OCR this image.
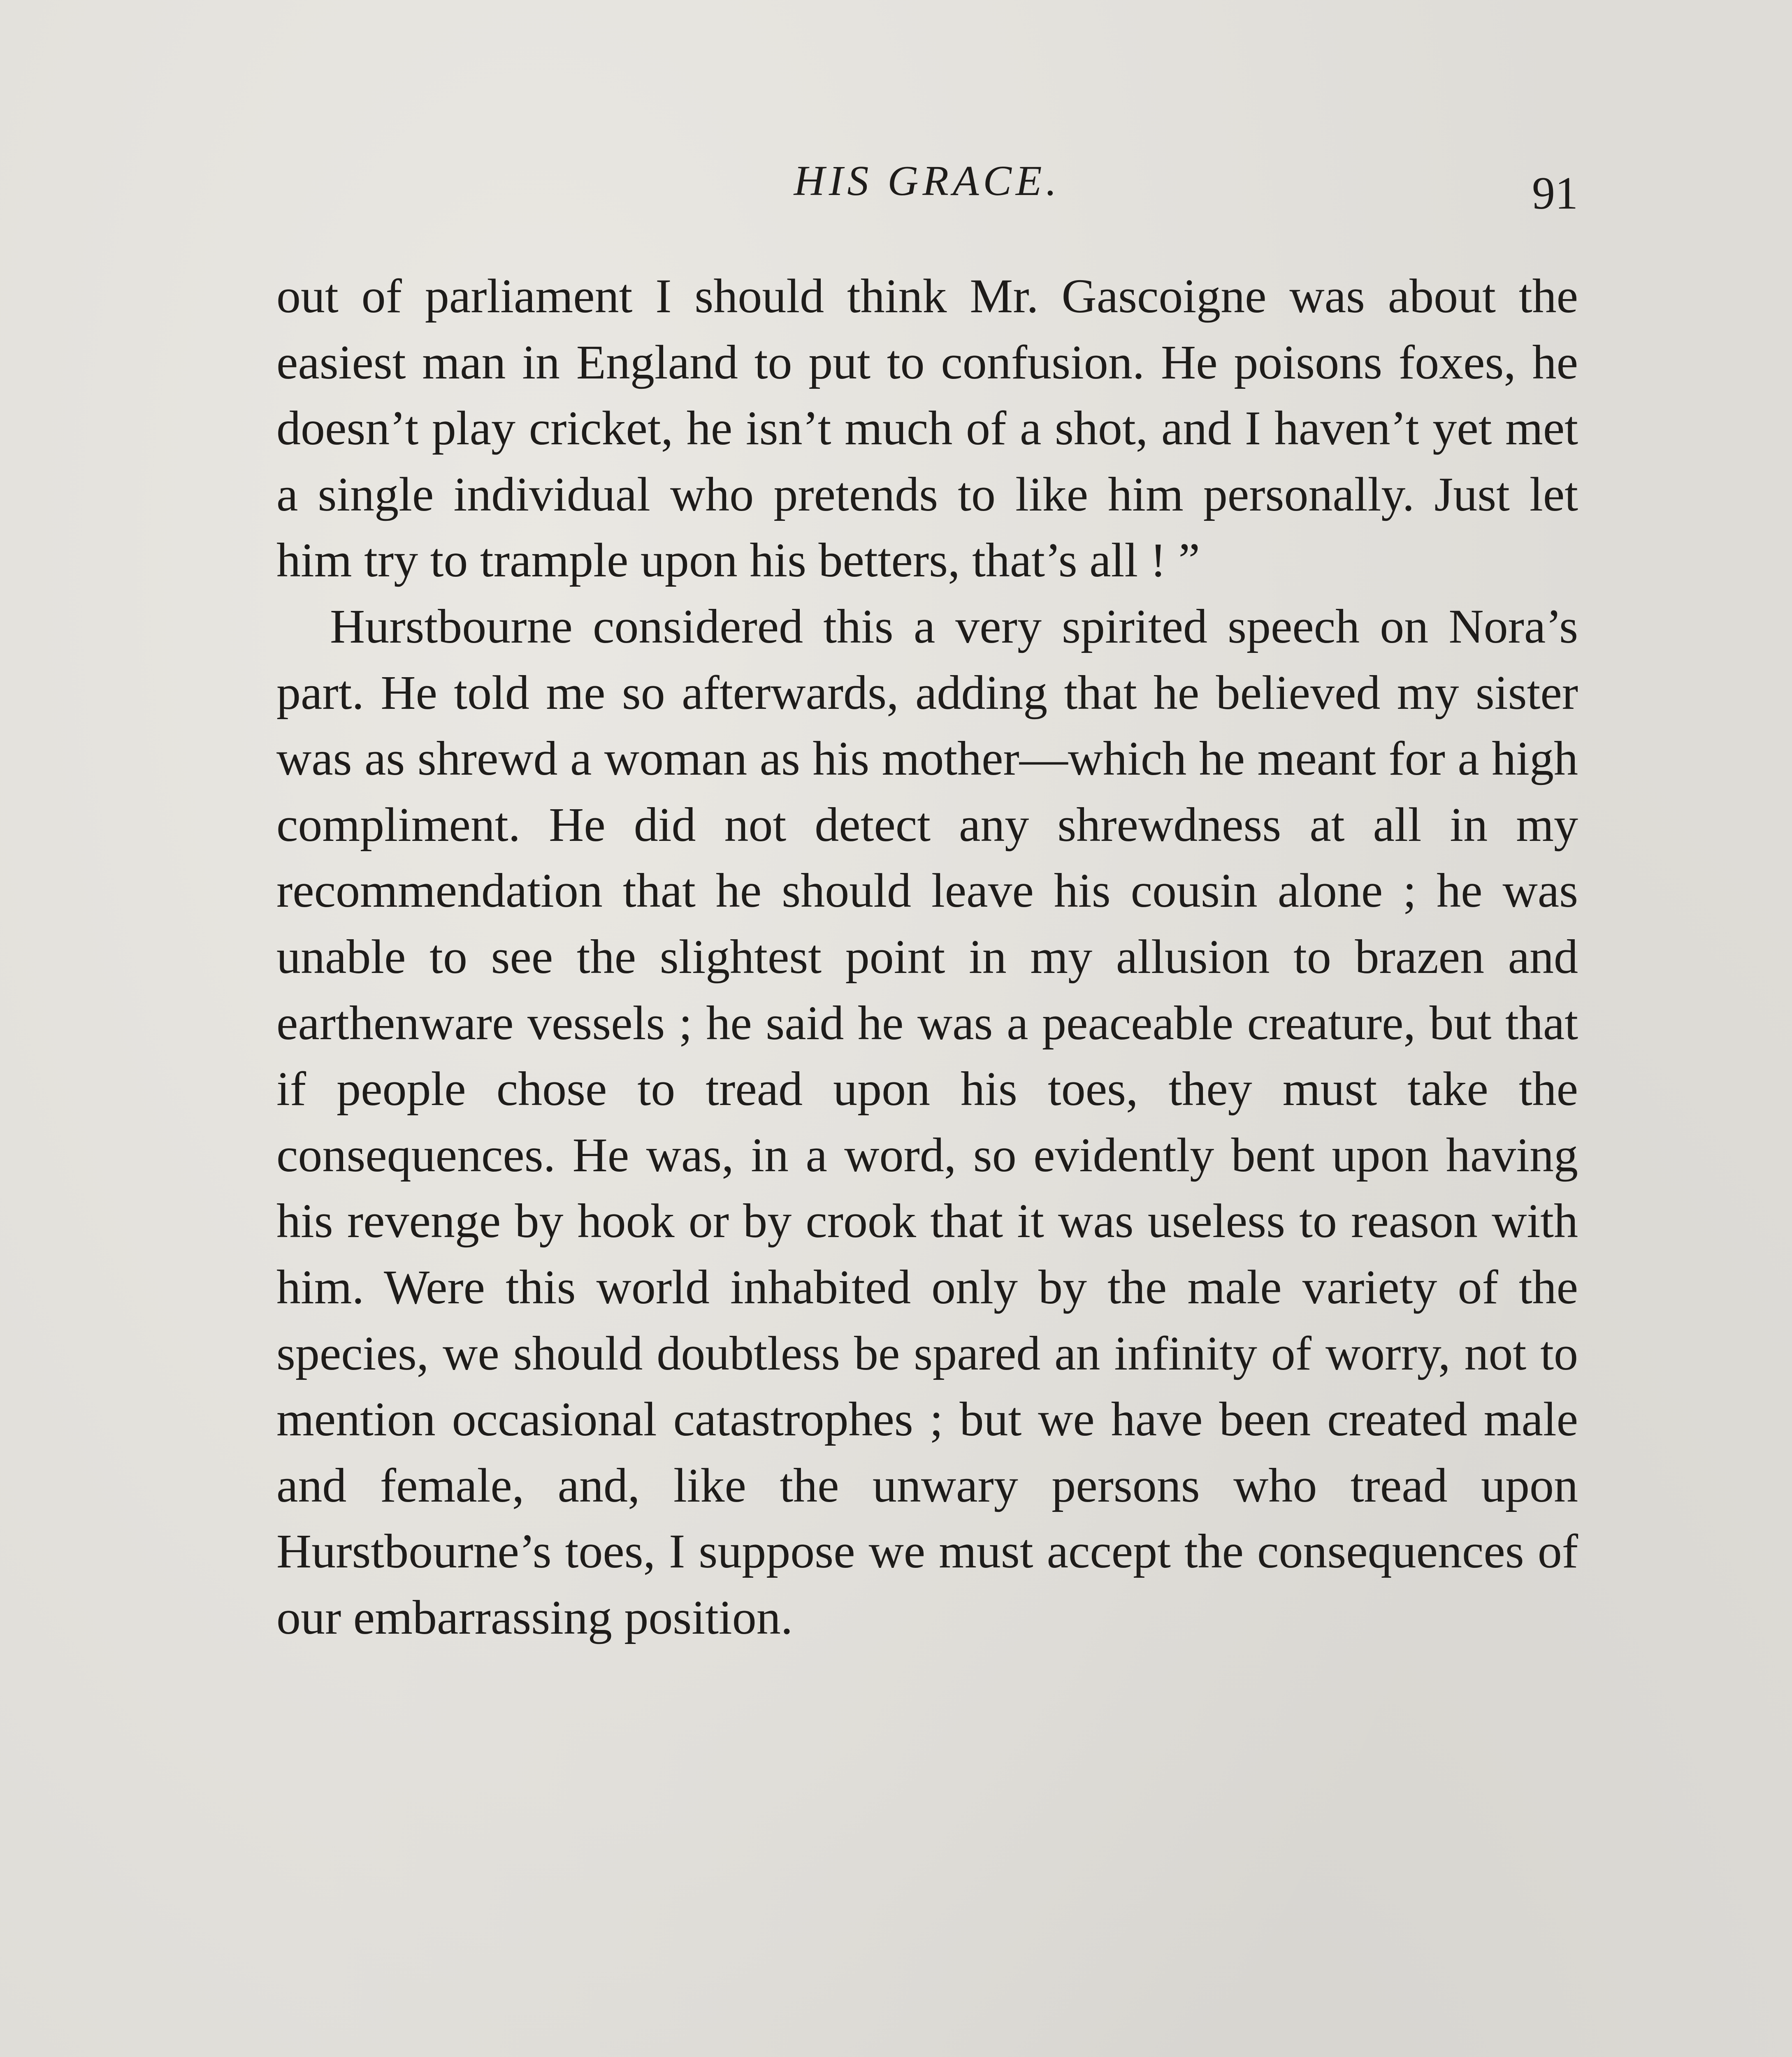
HIS GRACE.	91

out of parliament I should think Mr. Gascoigne was about the easiest man in England to put to confusion. He poisons foxes, he doesn’t play cricket, he isn’t much of a shot, and I haven’t yet met a single individual who pretends to like him personally. Just let him try to trample upon his betters, that’s all ! ”

Hurstbourne considered this a very spirited speech on Nora’s part. He told me so afterwards, adding that he believed my sister was as shrewd a woman as his mother—which he meant for a high compliment. He did not detect any shrewdness at all in my recommendation that he should leave his cousin alone ; he was unable to see the slightest point in my allusion to brazen and earthenware vessels ; he said he was a peaceable creature, but that if people chose to tread upon his toes, they must take the consequences. He was, in a word, so evidently bent upon having his revenge by hook or by crook that it was useless to reason with him. Were this world inhabited only by the male variety of the species, we should doubtless be spared an infinity of worry, not to mention occasional catastrophes ; but we have been created male and female, and, like the unwary persons who tread upon Hurstbourne’s toes, I suppose we must accept the consequences of our embarrassing position.
